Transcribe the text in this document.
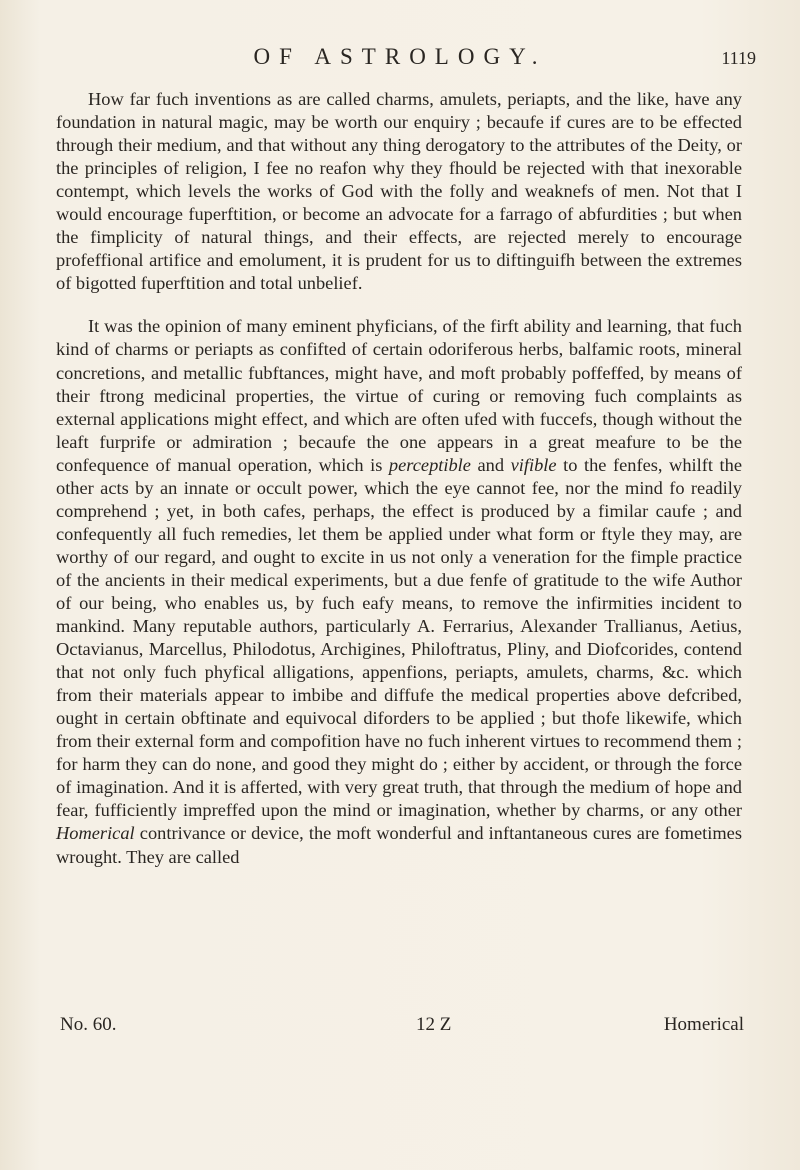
OF ASTROLOGY.	1119

How far fuch inventions as are called charms, amulets, periapts, and the like, have any foundation in natural magic, may be worth our enquiry ; becaufe if cures are to be effected through their medium, and that without any thing derogatory to the attributes of the Deity, or the principles of religion, I fee no reafon why they fhould be rejected with that inexorable contempt, which levels the works of God with the folly and weaknefs of men. Not that I would encourage fuperftition, or become an advocate for a farrago of abfurdities ; but when the fimplicity of natural things, and their effects, are rejected merely to encourage profeffional artifice and emolument, it is prudent for us to diftinguifh between the extremes of bigotted fuperftition and total unbelief.

It was the opinion of many eminent phyficians, of the firft ability and learning, that fuch kind of charms or periapts as confifted of certain odoriferous herbs, balfamic roots, mineral concretions, and metallic fubftances, might have, and moft probably poffeffed, by means of their ftrong medicinal properties, the virtue of curing or removing fuch complaints as external applications might effect, and which are often ufed with fuccefs, though without the leaft furprife or admiration ; becaufe the one appears in a great meafure to be the confequence of manual operation, which is perceptible and vifible to the fenfes, whilft the other acts by an innate or occult power, which the eye cannot fee, nor the mind fo readily comprehend ; yet, in both cafes, perhaps, the effect is produced by a fimilar caufe ; and confequently all fuch remedies, let them be applied under what form or ftyle they may, are worthy of our regard, and ought to excite in us not only a veneration for the fimple practice of the ancients in their medical experiments, but a due fenfe of gratitude to the wife Author of our being, who enables us, by fuch eafy means, to remove the infirmities incident to mankind. Many reputable authors, particularly A. Ferrarius, Alexander Trallianus, Aetius, Octavianus, Marcellus, Philodotus, Archigines, Philoftratus, Pliny, and Diofcorides, contend that not only fuch phyfical alligations, appenfions, periapts, amulets, charms, &c. which from their materials appear to imbibe and diffufe the medical properties above defcribed, ought in certain obftinate and equivocal diforders to be applied ; but thofe likewife, which from their external form and compofition have no fuch inherent virtues to recommend them ; for harm they can do none, and good they might do ; either by accident, or through the force of imagination. And it is afferted, with very great truth, that through the medium of hope and fear, fufficiently impreffed upon the mind or imagination, whether by charms, or any other Homerical contrivance or device, the moft wonderful and inftantaneous cures are fometimes wrought. They are called

No. 60.	12 Z	Homerical
